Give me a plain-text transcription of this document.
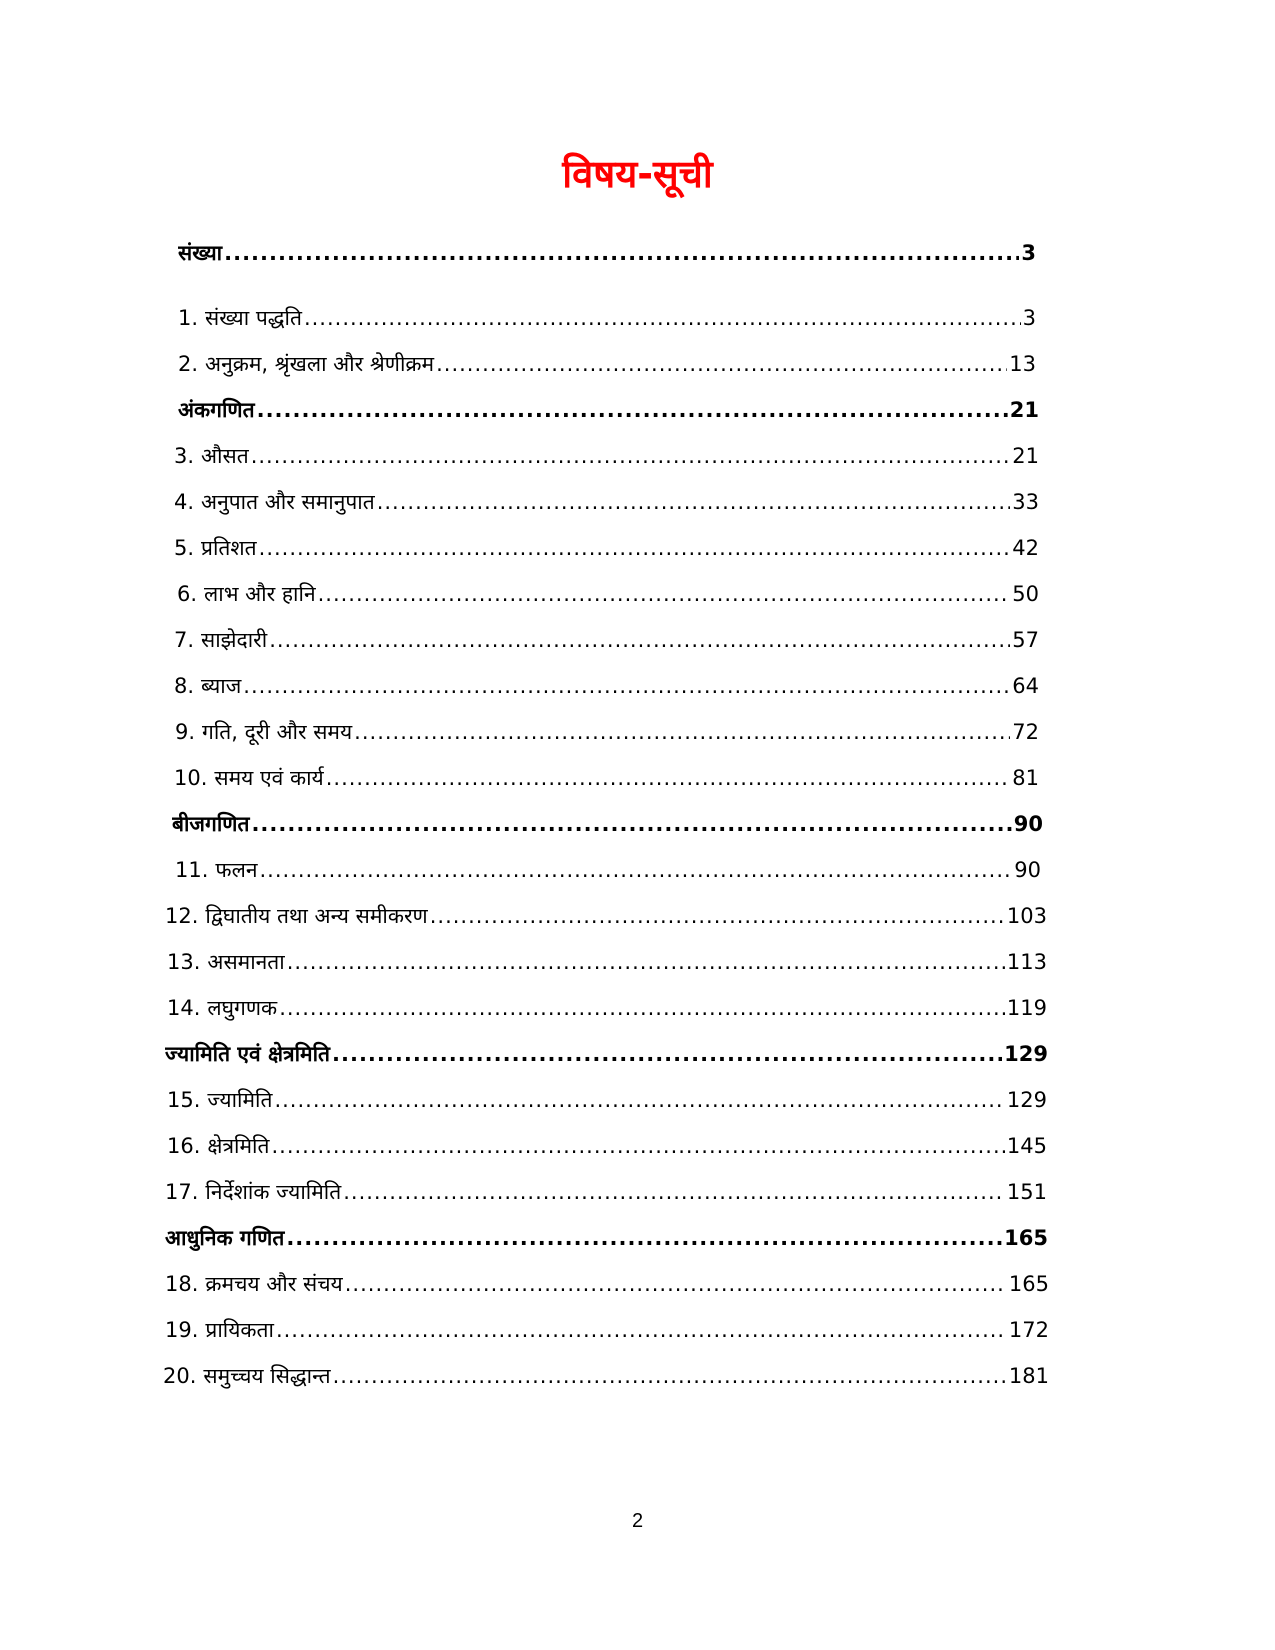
विषय-सूची
संख्या .....	3
1. संख्या पद्धति .....	3
2. अनुक्रम, श्रृंखला और श्रेणीक्रम .....	13
अंकगणित .....	21
3. औसत .....	21
4. अनुपात और समानुपात .....	33
5. प्रतिशत .....	42
6. लाभ और हानि .....	50
7. साझेदारी .....	57
8. ब्याज .....	64
9. गति, दूरी और समय .....	72
10. समय एवं कार्य .....	81
बीजगणित .....	90
11. फलन .....	90
12. द्विघातीय तथा अन्य समीकरण .....	103
13. असमानता .....	113
14. लघुगणक .....	119
ज्यामिति एवं क्षेत्रमिति .....	129
15. ज्यामिति .....	129
16. क्षेत्रमिति .....	145
17. निर्देशांक ज्यामिति .....	151
आधुनिक गणित .....	165
18. क्रमचय और संचय .....	165
19. प्रायिकता .....	172
20. समुच्चय सिद्धान्त .....	181
2
